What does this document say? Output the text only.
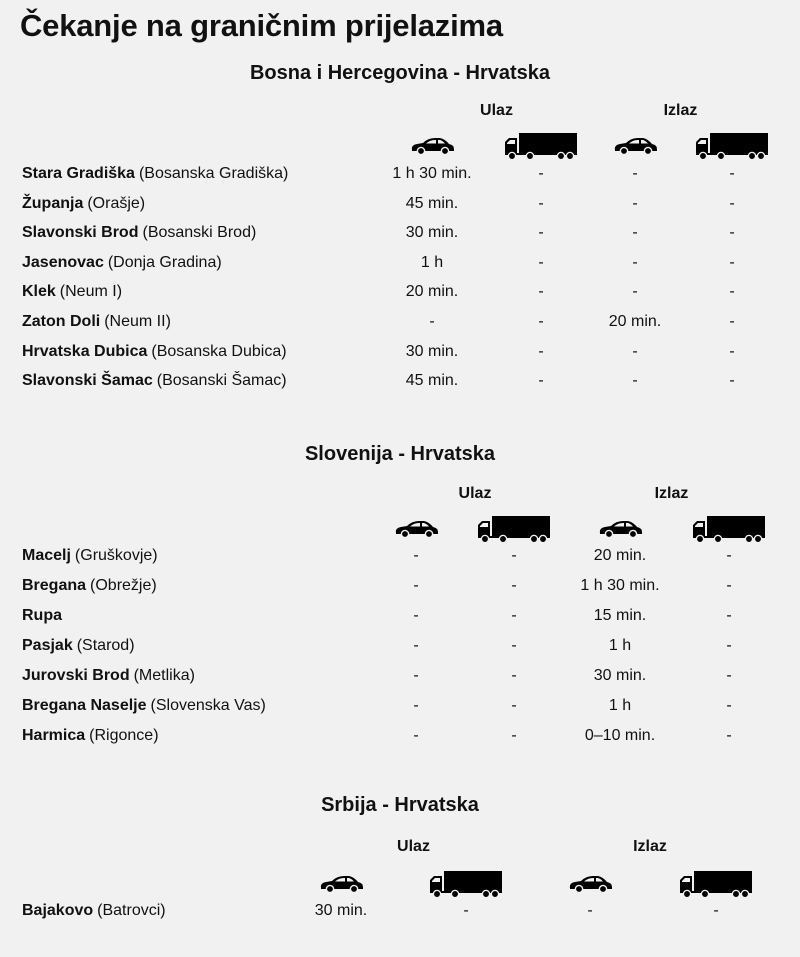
Čekanje na graničnim prijelazima
Bosna i Hercegovina - Hrvatska
Ulaz	Izlaz
Stara Gradiška (Bosanska Gradiška)	1 h 30 min.	-	-	-
Županja (Orašje)	45 min.	-	-	-
Slavonski Brod (Bosanski Brod)	30 min.	-	-	-
Jasenovac (Donja Gradina)	1 h	-	-	-
Klek (Neum I)	20 min.	-	-	-
Zaton Doli (Neum II)	-	-	20 min.	-
Hrvatska Dubica (Bosanska Dubica)	30 min.	-	-	-
Slavonski Šamac (Bosanski Šamac)	45 min.	-	-	-
Slovenija - Hrvatska
Ulaz	Izlaz
Macelj (Gruškovje)	-	-	20 min.	-
Bregana (Obrežje)	-	-	1 h 30 min.	-
Rupa	-	-	15 min.	-
Pasjak (Starod)	-	-	1 h	-
Jurovski Brod (Metlika)	-	-	30 min.	-
Bregana Naselje (Slovenska Vas)	-	-	1 h	-
Harmica (Rigonce)	-	-	0–10 min.	-
Srbija - Hrvatska
Ulaz	Izlaz
Bajakovo (Batrovci)	30 min.	-	-	-
